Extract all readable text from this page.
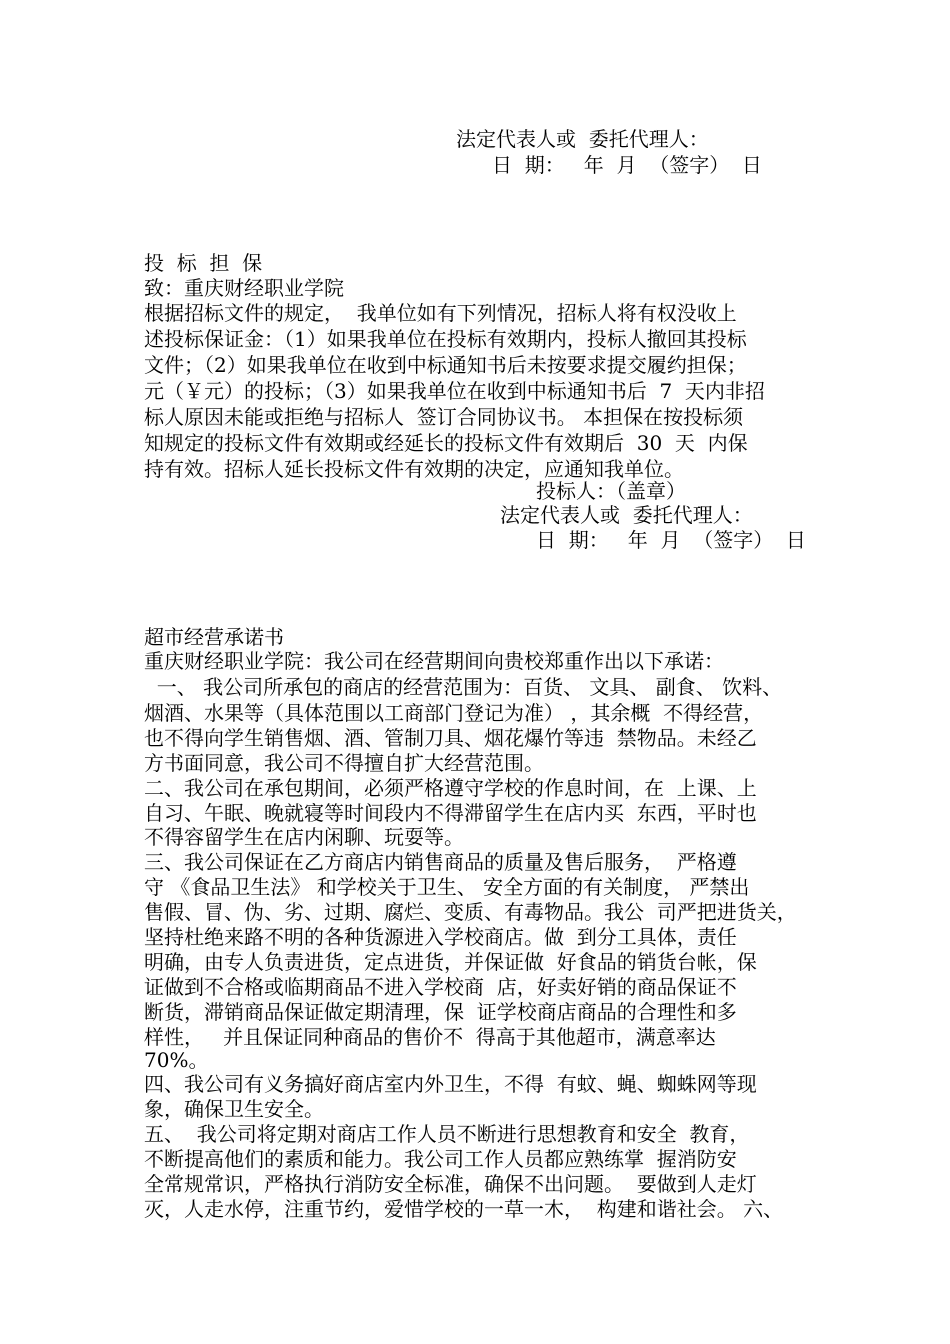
法定代表人或  委托代理人：
日  期：   年  月  （签字）  日
投  标  担  保
致：重庆财经职业学院
根据招标文件的规定，  我单位如有下列情况，招标人将有权没收上
述投标保证金：（1）如果我单位在投标有效期内，投标人撤回其投标
文件；（2）如果我单位在收到中标通知书后未按要求提交履约担保；
元（￥元）的投标；（3）如果我单位在收到中标通知书后  7  天内非招
标人原因未能或拒绝与招标人  签订合同协议书。 本担保在按投标须
知规定的投标文件有效期或经延长的投标文件有效期后  30  天  内保
持有效。招标人延长投标文件有效期的决定，应通知我单位。
投标人：（盖章）
法定代表人或  委托代理人：
日  期：   年  月  （签字）  日
超市经营承诺书
重庆财经职业学院：我公司在经营期间向贵校郑重作出以下承诺：
一、 我公司所承包的商店的经营范围为：百货、 文具、 副食、 饮料、
烟酒、水果等（具体范围以工商部门登记为准） ，其余概  不得经营，
也不得向学生销售烟、酒、管制刀具、烟花爆竹等违  禁物品。未经乙
方书面同意，我公司不得擅自扩大经营范围。
二、我公司在承包期间，必须严格遵守学校的作息时间，在  上课、上
自习、午眠、晚就寝等时间段内不得滞留学生在店内买  东西，平时也
不得容留学生在店内闲聊、玩耍等。
三、我公司保证在乙方商店内销售商品的质量及售后服务，  严格遵
守 《食品卫生法》 和学校关于卫生、 安全方面的有关制度， 严禁出
售假、冒、伪、劣、过期、腐烂、变质、有毒物品。我公  司严把进货关，
坚持杜绝来路不明的各种货源进入学校商店。做  到分工具体，责任
明确，由专人负责进货，定点进货，并保证做  好食品的销货台帐，保
证做到不合格或临期商品不进入学校商  店，好卖好销的商品保证不
断货，滞销商品保证做定期清理，保  证学校商店商品的合理性和多
样性，   并且保证同种商品的售价不  得高于其他超市，满意率达
70%。
四、我公司有义务搞好商店室内外卫生，不得  有蚊、蝇、蜘蛛网等现
象，确保卫生安全。
五、  我公司将定期对商店工作人员不断进行思想教育和安全  教育，
不断提高他们的素质和能力。我公司工作人员都应熟练掌  握消防安
全常规常识，严格执行消防安全标准，确保不出问题。  要做到人走灯
灭，人走水停，注重节约，爱惜学校的一草一木，  构建和谐社会。 六、
